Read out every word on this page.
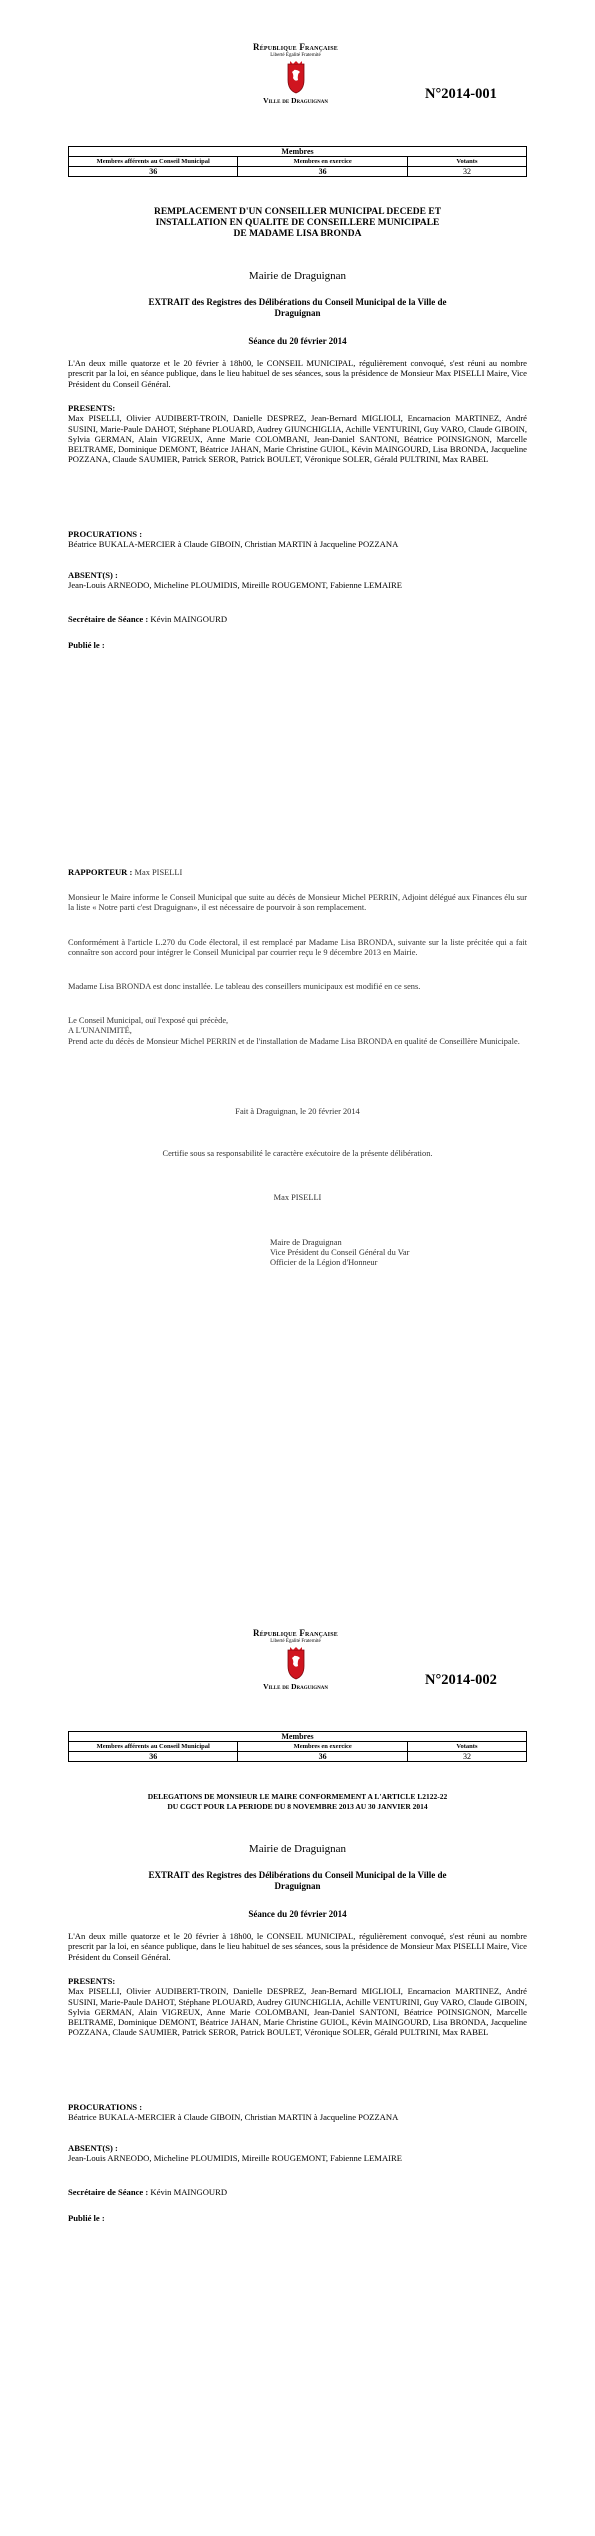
République Française
Liberté Égalité Fraternité
Ville de Draguignan	N°2014-001
Membres		
Membres afférents au Conseil Municipal	Membres en exercice	Votants
36	36	32
REMPLACEMENT D'UN CONSEILLER MUNICIPAL DECEDE ET
INSTALLATION EN QUALITE DE CONSEILLERE MUNICIPALE
DE MADAME LISA BRONDA
Mairie de Draguignan
EXTRAIT des Registres des Délibérations du Conseil Municipal de la Ville de
Draguignan
Séance du 20 février 2014
L'An deux mille quatorze et le 20 février à 18h00, le CONSEIL MUNICIPAL, régulièrement convoqué, s'est réuni au nombre prescrit par la loi, en séance publique, dans le lieu habituel de ses séances, sous la présidence de Monsieur Max PISELLI Maire, Vice Président du Conseil Général.
PRESENTS:
Max PISELLI, Olivier AUDIBERT-TROIN, Danielle DESPREZ, Jean-Bernard MIGLIOLI, Encarnacion MARTINEZ, André SUSINI, Marie-Paule DAHOT, Stéphane PLOUARD, Audrey GIUNCHIGLIA, Achille VENTURINI, Guy VARO, Claude GIBOIN, Sylvia GERMAN, Alain VIGREUX, Anne Marie COLOMBANI, Jean-Daniel SANTONI, Béatrice POINSIGNON, Marcelle BELTRAME, Dominique DEMONT, Béatrice JAHAN, Marie Christine GUIOL, Kévin MAINGOURD, Lisa BRONDA, Jacqueline POZZANA, Claude SAUMIER, Patrick SEROR, Patrick BOULET, Véronique SOLER, Gérald PULTRINI, Max RABEL
PROCURATIONS :
Béatrice BUKALA-MERCIER à Claude GIBOIN, Christian MARTIN à Jacqueline POZZANA
ABSENT(S) :
Jean-Louis ARNEODO, Micheline PLOUMIDIS, Mireille ROUGEMONT, Fabienne LEMAIRE
Secrétaire de Séance : Kévin MAINGOURD
Publié le :
RAPPORTEUR : Max PISELLI
Monsieur le Maire informe le Conseil Municipal que suite au décès de Monsieur Michel PERRIN, Adjoint délégué aux Finances élu sur la liste « Notre parti c'est Draguignan», il est nécessaire de pourvoir à son remplacement.
Conformément à l'article L.270 du Code électoral, il est remplacé par Madame Lisa BRONDA, suivante sur la liste précitée qui a fait connaître son accord pour intégrer le Conseil Municipal par courrier reçu le 9 décembre 2013 en Mairie.
Madame Lisa BRONDA est donc installée. Le tableau des conseillers municipaux est modifié en ce sens.
Le Conseil Municipal, ouï l'exposé qui précède,
A L'UNANIMITÉ,
Prend acte du décès de Monsieur Michel PERRIN et de l'installation de Madame Lisa BRONDA en qualité de Conseillère Municipale.
Fait à Draguignan, le 20 février 2014
Certifie sous sa responsabilité le caractère exécutoire de la présente délibération.
Max PISELLI
Maire de Draguignan
Vice Président du Conseil Général du Var
Officier de la Légion d'Honneur
République Française
Liberté Égalité Fraternité
Ville de Draguignan	N°2014-002
Membres		
Membres afférents au Conseil Municipal	Membres en exercice	Votants
36	36	32
DELEGATIONS DE MONSIEUR LE MAIRE CONFORMEMENT A L'ARTICLE L2122-22
DU CGCT POUR LA PERIODE DU 8 NOVEMBRE 2013 AU 30 JANVIER 2014
Mairie de Draguignan
EXTRAIT des Registres des Délibérations du Conseil Municipal de la Ville de
Draguignan
Séance du 20 février 2014
L'An deux mille quatorze et le 20 février à 18h00, le CONSEIL MUNICIPAL, régulièrement convoqué, s'est réuni au nombre prescrit par la loi, en séance publique, dans le lieu habituel de ses séances, sous la présidence de Monsieur Max PISELLI Maire, Vice Président du Conseil Général.
PRESENTS:
Max PISELLI, Olivier AUDIBERT-TROIN, Danielle DESPREZ, Jean-Bernard MIGLIOLI, Encarnacion MARTINEZ, André SUSINI, Marie-Paule DAHOT, Stéphane PLOUARD, Audrey GIUNCHIGLIA, Achille VENTURINI, Guy VARO, Claude GIBOIN, Sylvia GERMAN, Alain VIGREUX, Anne Marie COLOMBANI, Jean-Daniel SANTONI, Béatrice POINSIGNON, Marcelle BELTRAME, Dominique DEMONT, Béatrice JAHAN, Marie Christine GUIOL, Kévin MAINGOURD, Lisa BRONDA, Jacqueline POZZANA, Claude SAUMIER, Patrick SEROR, Patrick BOULET, Véronique SOLER, Gérald PULTRINI, Max RABEL
PROCURATIONS :
Béatrice BUKALA-MERCIER à Claude GIBOIN, Christian MARTIN à Jacqueline POZZANA
ABSENT(S) :
Jean-Louis ARNEODO, Micheline PLOUMIDIS, Mireille ROUGEMONT, Fabienne LEMAIRE
Secrétaire de Séance : Kévin MAINGOURD
Publié le :
